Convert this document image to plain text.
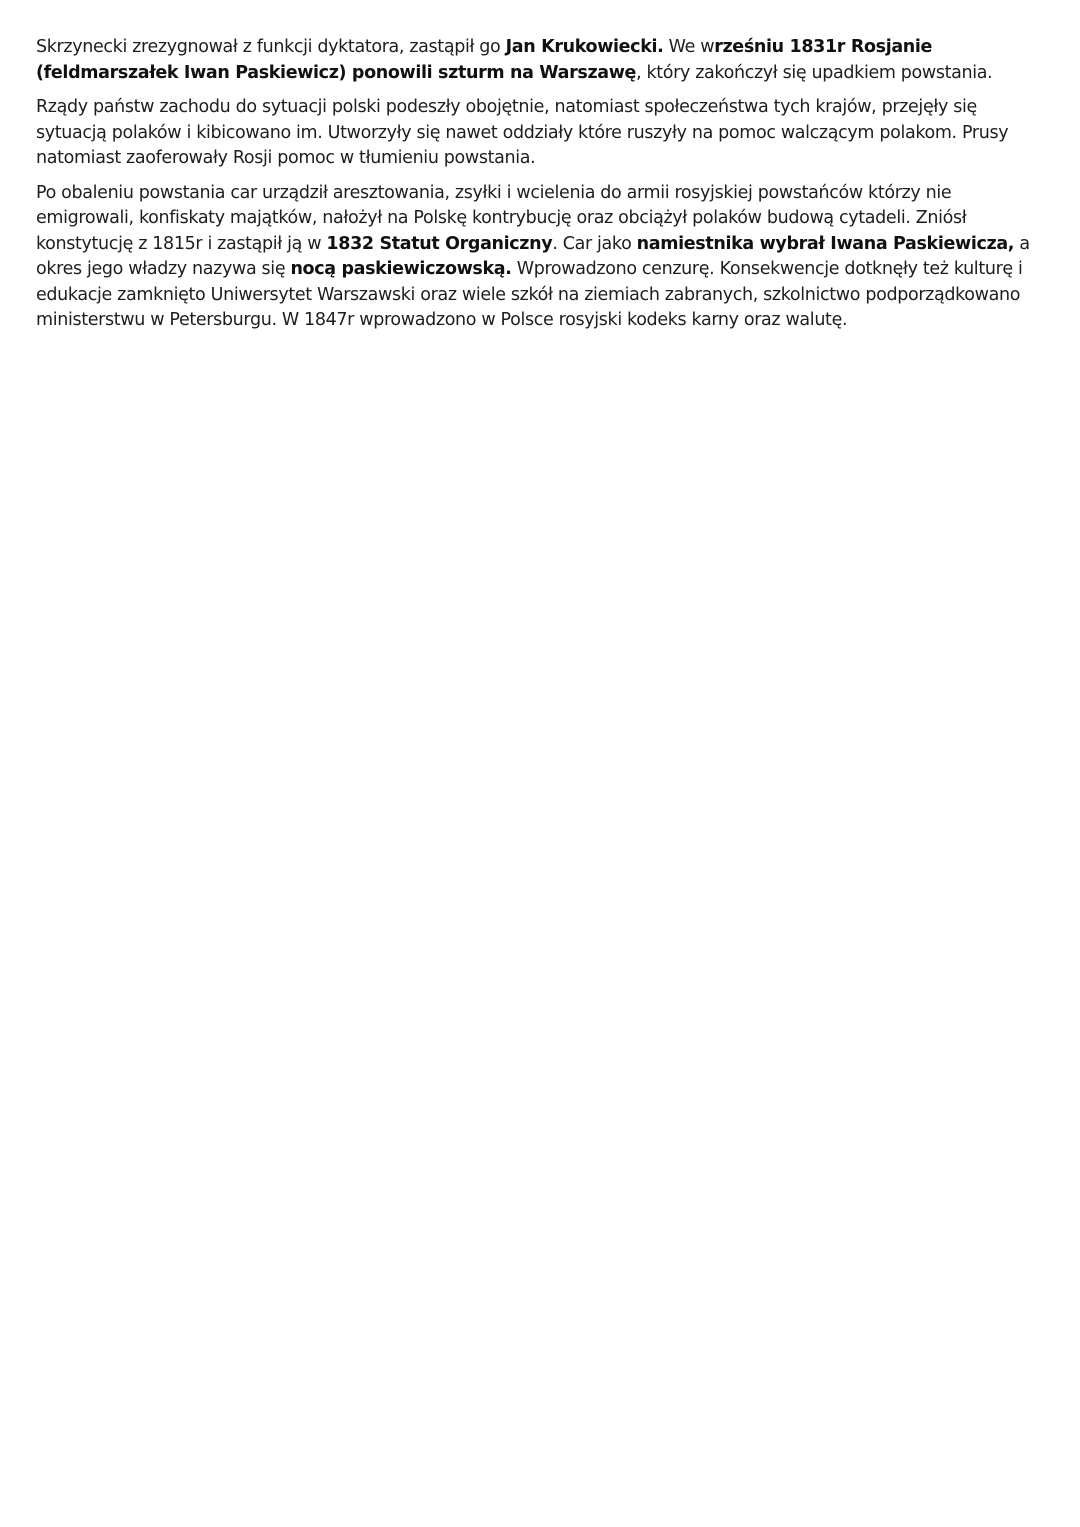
Skrzynecki zrezygnował z funkcji dyktatora, zastąpił go Jan Krukowiecki. We wrześniu 1831r Rosjanie (feldmarszałek Iwan Paskiewicz) ponowili szturm na Warszawę, który zakończył się upadkiem powstania.

Rządy państw zachodu do sytuacji polski podeszły obojętnie, natomiast społeczeństwa tych krajów, przejęły się sytuacją polaków i kibicowano im. Utworzyły się nawet oddziały które ruszyły na pomoc walczącym polakom. Prusy natomiast zaoferowały Rosji pomoc w tłumieniu powstania.

Po obaleniu powstania car urządził aresztowania, zsyłki i wcielenia do armii rosyjskiej powstańców którzy nie emigrowali, konfiskaty majątków, nałożył na Polskę kontrybucję oraz obciążył polaków budową cytadeli. Zniósł konstytucję z 1815r i zastąpił ją w 1832 Statut Organiczny. Car jako namiestnika wybrał Iwana Paskiewicza, a okres jego władzy nazywa się nocą paskiewiczowską. Wprowadzono cenzurę. Konsekwencje dotknęły też kulturę i edukacje zamknięto Uniwersytet Warszawski oraz wiele szkół na ziemiach zabranych, szkolnictwo podporządkowano ministerstwu w Petersburgu. W 1847r wprowadzono w Polsce rosyjski kodeks karny oraz walutę.
